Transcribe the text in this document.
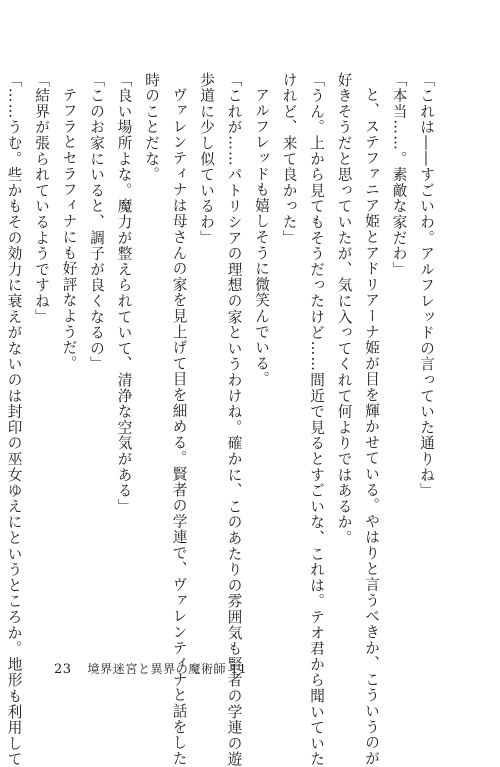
「これは――すごいわ。アルフレッドの言っていた通りね」

「本当……。素敵な家だわ」

と、ステファニア姫とアドリアーナ姫が目を輝かせている。やはりと言うべきか、こういうのが

好きそうだと思っていたが、気に入ってくれて何よりではあるか。

「うん。上から見てもそうだったけど……間近で見るとすごいな、これは。テオ君から聞いていた

けれど、来て良かった」

アルフレッドも嬉しそうに微笑んでいる。

「これが……パトリシアの理想の家というわけね。確かに、このあたりの雰囲気も賢者の学連の遊

歩道に少し似ているわ」

ヴァレンティナは母さんの家を見上げて目を細める。賢者の学連で、ヴァレンティナと話をした

時のことだな。

「良い場所よな。魔力が整えられていて、清浄な空気がある」

「このお家にいると、調子が良くなるの」

テフラとセラフィナにも好評なようだ。

「結界が張られているようですね」

「……うむ。些かもその効力に衰えがないのは封印の巫女ゆえにというところか。地形も利用して	23 境界迷宮と異界の魔術師 11
